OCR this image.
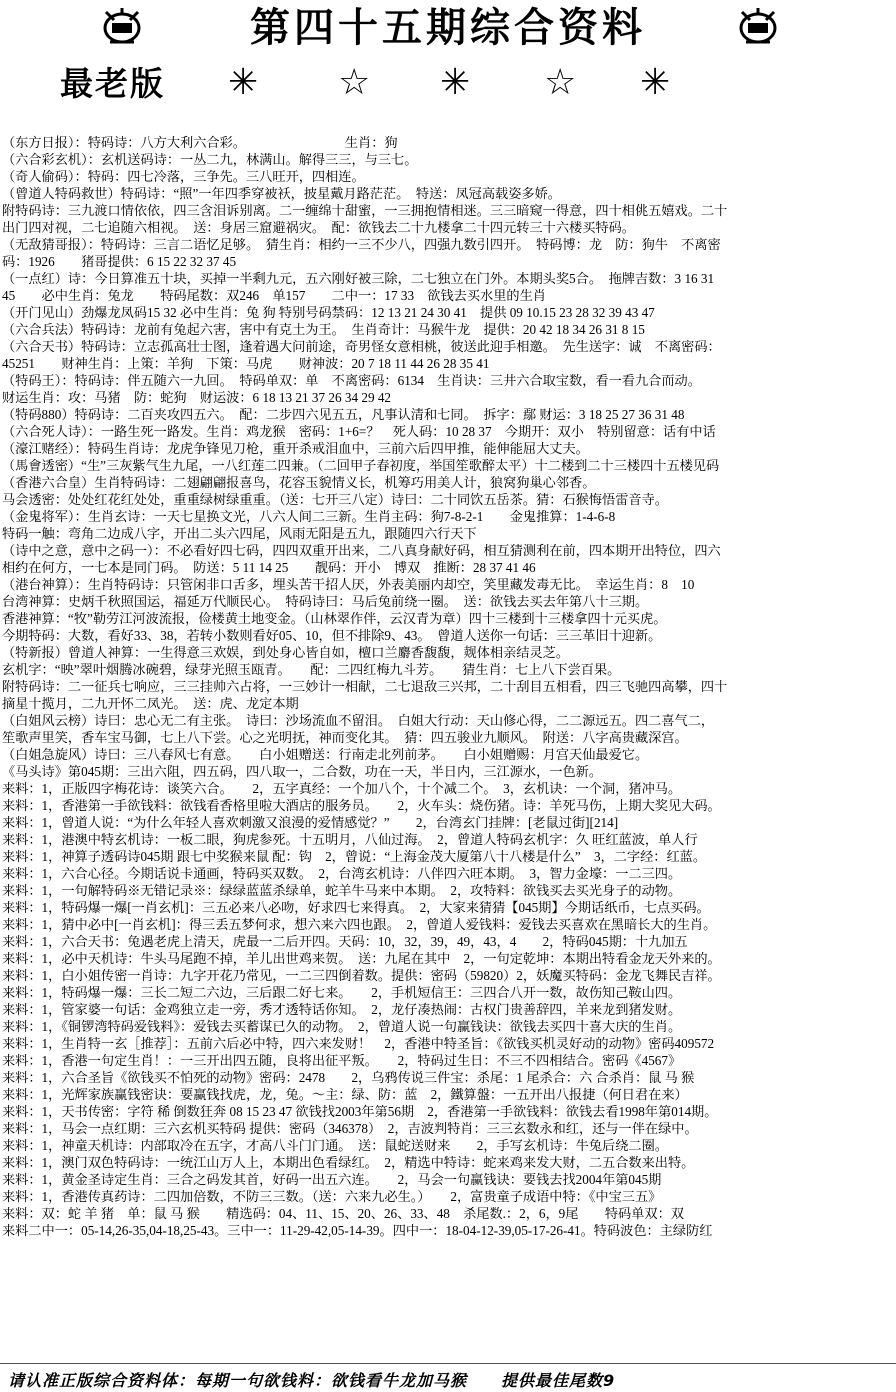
第四十五期综合资料
最老版 ✳ ☆ ✳ ☆ ✳
（东方日报）：特码诗：八方大利六合彩。　　　　　　　　生肖：狗
（六合彩玄机）：玄机送码诗：一丛二九，林满山。解得三三，与三七。
（奇人偷码）：特码：四七冷落，三争先。三八旺开，四相连。
（曾道人特码救世）特码诗：“照”一年四季穿被袄，披星戴月路茫茫。　特送：凤冠高载姿多娇。
附特码诗：三九渡口情依依，四三含泪诉别离。二一缠绵十甜蜜，一三拥抱情相迷。三三暗窥一得意，四十相佻五嬉戏。二十
出门四对视，二七追随六相视。　送：身居三窟避祸灾。　配：欲钱去二十九楼拿二十四元转三十六楼买特码。
（无敌猜哥报）：特码诗：三言二语忆足够。　猜生肖：相约一三不少八，四强九数引四开。　特码博：龙　防：狗牛　不离密
码：1926　　猪哥提供：6 15 22 32 37 45
（一点红）诗：今日算准五十块，买掉一半剩九元，五六刚好被三除，二七独立在门外。本期头奖5合。　拖牌吉数：3 16 31
45　　必中生肖：兔龙　　特码尾数：双246　单157　　二中一：17 33　欲钱去买水里的生肖
（开门见山）劲爆龙凤码15 32 必中生肖：兔 狗 特别号码禁码：12 13 21 24 30 41　提供 09 10.15 23 28 32 39 43 47
（六合兵法）特码诗：龙前有兔起六害，害中有克土为王。　生肖奇计：马猴牛龙　提供：20 42 18 34 26 31 8 15
（六合天书）特码诗：立志孤高壮士图，逢着遇大问前途，奇男怪女意相桃，彼送此迎手相邀。　先生送字：诚　不离密码：
45251　　财神生肖：上策：羊狗　下策：马虎　　财神波：20 7 18 11 44 26 28 35 41
（特码王）：特码诗：伴五随六一九回。　特码单双：单　不离密码：6134　生肖诀：三井六合取宝数，看一看九合而动。
财运生肖：攻：马猪　防：蛇狗　财运波：6 18 13 21 37 26 34 29 42
（特码880）特码诗：二百夹攻四五六。　配：二步四六见五五，凡事认清和七同。　拆字：鄢 财运：3 18 25 27 36 31 48
（六合死人诗）：一路生死一路发。生肖：鸡龙猴　密码：1+6=？　死人码：10 28 37　今期开：双小　特别留意：话有中话
（濠江赌经）：特码生肖诗：龙虎争锋见刀枪，重开杀戒泪血中，三前六后四甲推，能伸能屈大丈夫。
（馬會透密）“生”三灰紫气生九尾，一八红莲二四兼。（二回甲子春初度，举国笙歌醉太平）十二楼到二十三楼四十五楼见码
（香港六合皇）生肖特码诗：二翅翩翩报喜鸟，花容玉貌情义长，机筹巧用美人计，狼窝狗巢心邻香。
马会透密：处处红花红处处，重重绿树绿重重。（送：七开三八定）诗曰：二十同饮五岳茶。猜：石猴悔悟雷音寺。
（金鬼将军）：生肖玄诗：一天七星换文光，八六人间二三新。生肖主码：狗7-8-2-1　　金鬼推算：1-4-6-8
特码一触：弯角二边成八字，开出二头六四尾，风雨无阳是五九，跟随四六行天下
（诗中之意，意中之码一）：不必看好四七码，四四双重开出来，二八真身献好码，相互猜测利在前，四本期开出特位，四六
相约在何方，一七本是同门码。　防送：5 11 14 25　　靓码：开小　博双　推断：28 37 41 46
（港台神算）：生肖特码诗：只管闲非口舌多，埋头苦干招人厌，外表美丽内却空，笑里藏发毒无比。　幸运生肖：8　10
台湾神算：史炳千秋照国运，福延万代顺民心。　特码诗曰：马后兔前绕一圈。　送：欲钱去买去年第八十三期。
香港神算：“牧”勒劳江河波流报，俭楼黄土地变金。（山林翠作伴，云汉青为章）四十三楼到十三楼拿四十元买虎。
今期特码：大数，看好33、38，若转小数则看好05、10，但不排除9、43。　曾道人送你一句话：三三革旧十迎新。
（特新报）曾道人神算：一生得意三欢娱，到处身心皆自如，檀口兰麝香馥馥，觌体相亲结灵芝。
玄机字：“映”翠叶烟腾冰碗碧，绿芽光照玉瓯青。　　配：二四红梅九斗芳。　　猜生肖：七上八下尝百果。
附特码诗：二一征兵七响应，三三挂帅六占将，一三妙计一相献，二七退敌三兴邦，二十刮目五相看，四三飞驰四高攀，四十
摘星十揽月，二九开怀二凤光。　送：虎、龙定本期
（白姐风云榜）诗曰：忠心无二有主张。　诗曰：沙场流血不留泪。　白姐大行动：天山修心得，二二源远五。四二喜气二，
笙歌声里笑，香车宝马御，七上八下尝。心之光明抚，神而变化其。　猜：四五骏业九顺风。　附送：八字高贵藏深宫。
（白姐急旋风）诗曰：三八春风七有意。　　白小姐赠送：行南走北列前茅。　　白小姐赠赐：月宫天仙最爱它。
《马头诗》第045期：三出六阻，四五码，四八取一，二合数，功在一天，半日内，三江源水，一色新。
来料：1，正版四字梅花诗：谈笑六合。　　2，五字真经：一个加八个，十个减二个。　3，玄机诀：一个洞，猪冲马。
来料：1，香港第一手欲钱料：欲钱看香格里啦大酒店的服务员。　　2，火车头：烧伤猪。诗：羊死马伤，上期大奖见大码。
来料：1，曾道人说：“为什么年轻人喜欢刺激又浪漫的爱情感觉？”　　2，台湾玄门挂牌：[老鼠过街][214]
来料：1，港澳中特玄机诗：一板二眼，狗虎参死。十五明月，八仙过海。　2，曾道人特码玄机字：久 旺红蓝波，单人行
来料：1，神算子透码诗045期 跟七中奖猴来鼠 配：钩　2，曾说：“上海金茂大厦第八十八楼是什么”　3，二字经：红蓝。
来料：1，六合心径。今期话说卡通画，特码买双数。　2，台湾玄机诗：八伴四六旺本期。　3，智力金壕：一二三四。
来料：1，一句解特码※无错记录※：绿绿蓝蓝杀绿单，蛇羊牛马来中本期。　2，攻特料：欲钱买去买光身子的动物。
来料：1，特码爆一爆[一肖玄机]：三五必来八必吻，好求四七来得真。　2，大家来猜猜【045期】今期话纸币，七点买码。
来料：1，猜中必中[一肖玄机]：得三丢五梦何求，想六来六四也跟。　2，曾道人爱钱料：爱钱去买喜欢在黑暗长大的生肖。
来料：1，六合天书：兔遇老虎上清天，虎最一二后开四。天码：10，32，39，49，43，4　　2，特码045期：十九加五
来料：1，必中天机诗：牛头马尾跑不掉，羊儿出世鸡来贺。　送：九尾在其中　2，一句定乾坤：本期出特看金龙天外来的。
来料：1，白小姐传密一肖诗：九字开花乃常见，一二三四倒着数。提供：密码（59820）2，妖魔买特码：金龙飞舞民吉祥。
来料：1，特码爆一爆：三长二短二六边，三后跟二好七来。　　2，手机短信王：三四合八开一数，故伤知己鞍山四。
来料：1，管家婆一句话：金鸡独立走一旁，秀才透特话你知。　2，龙仔凑热闹：古权门贵善辞四，羊来龙到猪发财。
来料：1，《铜锣湾特码爱钱料》：爱钱去买蓄谋已久的动物。　2，曾道人说一句赢钱诀：欲钱去买四十喜大庆的生肖。
来料：1，生肖特一玄［推荐］：五前六后必中特，四六来发财！　2，香港中特圣旨：《欲钱买机灵好动的动物》密码409572
来料：1，香港一句定生肖！：一三开出四五随，良将出征平叛。　　2，特码过生日：不三不四相结合。密码《4567》
来料：1，六合圣旨《欲钱买不怕死的动物》密码：2478　　2，乌鸦传说三件宝：杀尾：1 尾杀合：六 合杀肖：鼠 马 猴
来料：1，光辉家族赢钱密诀：要赢钱找虎，龙，兔。～主：绿、防：蓝　2，鐵算盤：一五开出八报捷（何日君在来）
来料：1，天书传密：字符 稀 倒数狂奔 08 15 23 47 欲钱找2003年第56期　2，香港第一手欲钱料：欲钱去看1998年第014期。
来料：1，马会一点红期：三六玄机买特码 提供：密码（346378）　2，吉波判特肖：三三玄数永和红，还与一伴在绿中。
来料：1，神童天机诗：内部取冷在五字，才高八斗门门通。　送：鼠蛇送财来　　2，手写玄机诗：牛兔后绕二圈。
来料：1，澳门双色特码诗：一统江山万人上，本期出色看绿红。　2，精选中特诗：蛇来鸡来发大财，二五合数来出特。
来料：1，黄金圣诗定生肖：三合之码发其首，好码一出五六连。　　2，马会一句赢钱诀：要钱去找2004年第045期
来料：1，香港传真药诗：二四加倍数，不防三三数。（送：六来九必生。）　　2，富贵童子成语中特：《中宝三五》
来料：双：蛇 羊 猪　单：鼠 马 猴　　精选码：04、11、15、20、26、33、48　杀尾数.：2，6，9尾　　特码单双：双
来料二中一：05-14,26-35,04-18,25-43。三中一：11-29-42,05-14-39。四中一：18-04-12-39,05-17-26-41。特码波色：主绿防红
请认准正版综合资料体：每期一句欲钱料：欲钱看牛龙加马猴　　提供最佳尾数9
